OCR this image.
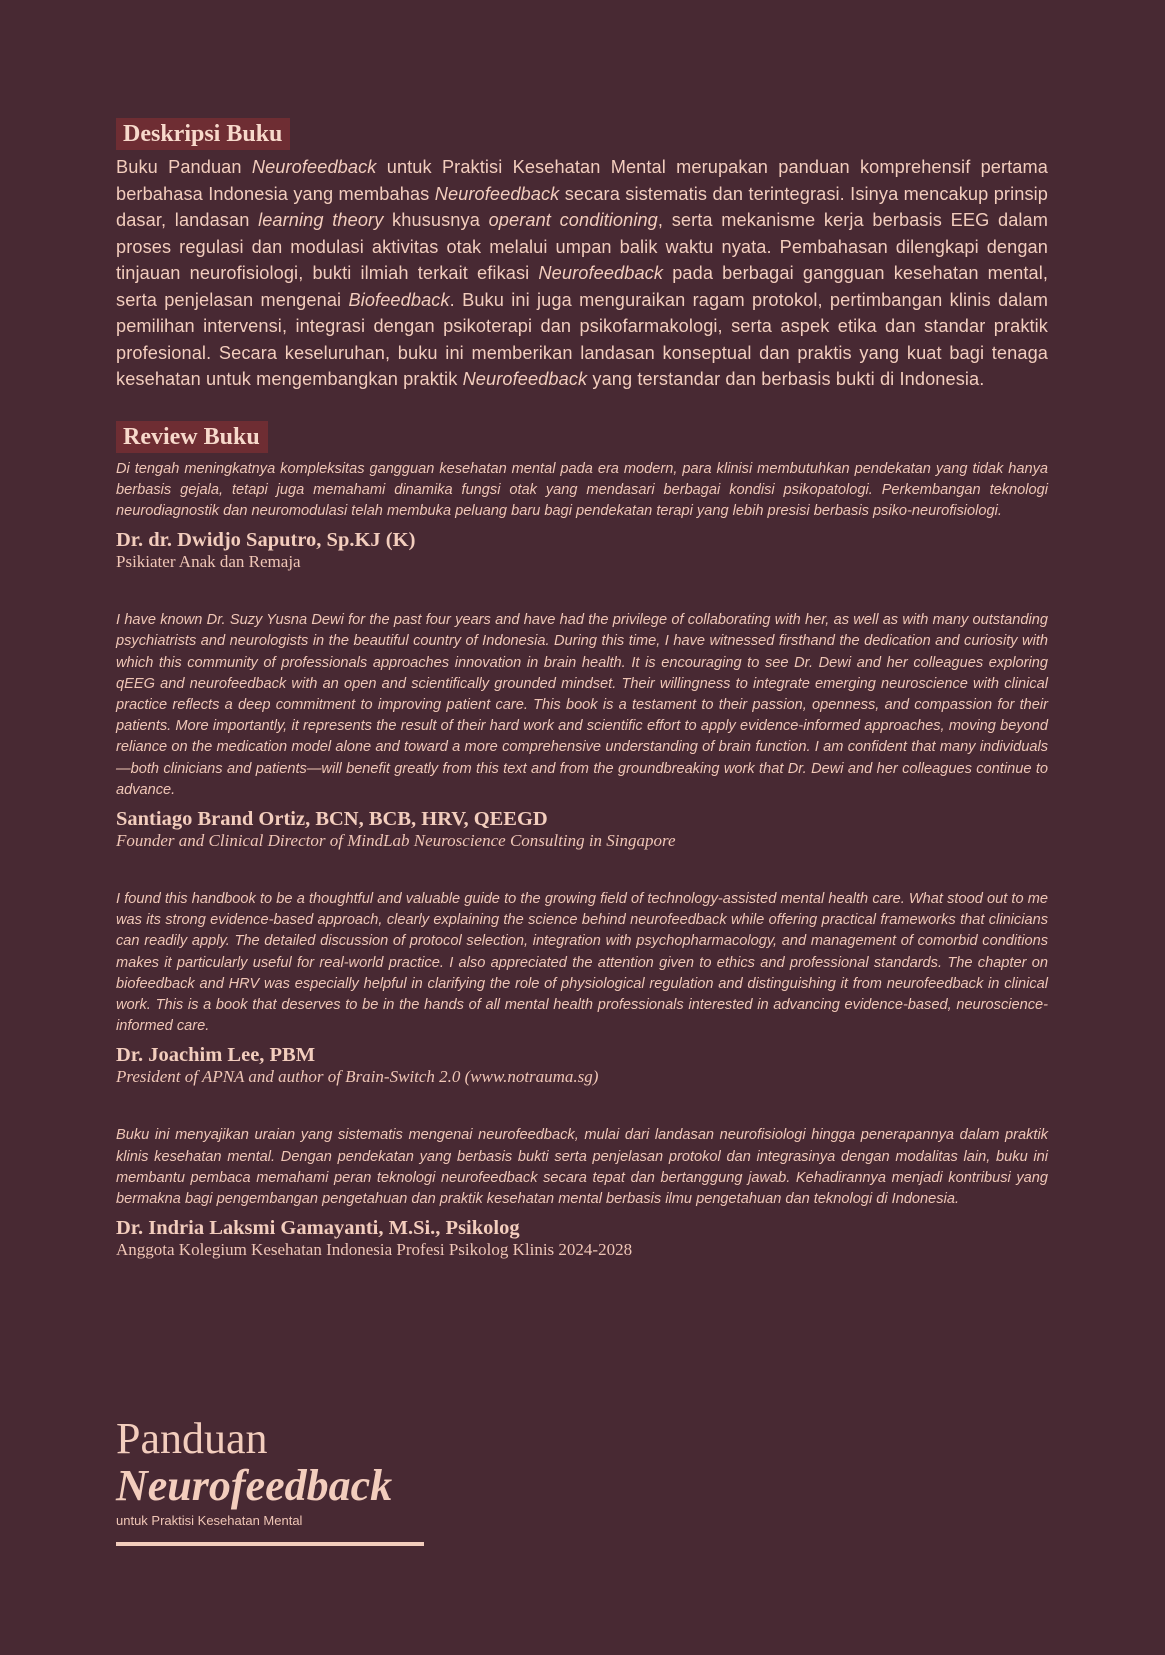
Deskripsi Buku

Buku Panduan Neurofeedback untuk Praktisi Kesehatan Mental merupakan panduan komprehensif pertama berbahasa Indonesia yang membahas Neurofeedback secara sistematis dan terintegrasi. Isinya mencakup prinsip dasar, landasan learning theory khususnya operant conditioning, serta mekanisme kerja berbasis EEG dalam proses regulasi dan modulasi aktivitas otak melalui umpan balik waktu nyata. Pembahasan dilengkapi dengan tinjauan neurofisiologi, bukti ilmiah terkait efikasi Neurofeedback pada berbagai gangguan kesehatan mental, serta penjelasan mengenai Biofeedback. Buku ini juga menguraikan ragam protokol, pertimbangan klinis dalam pemilihan intervensi, integrasi dengan psikoterapi dan psikofarmakologi, serta aspek etika dan standar praktik profesional. Secara keseluruhan, buku ini memberikan landasan konseptual dan praktis yang kuat bagi tenaga kesehatan untuk mengembangkan praktik Neurofeedback yang terstandar dan berbasis bukti di Indonesia.

Review Buku

Di tengah meningkatnya kompleksitas gangguan kesehatan mental pada era modern, para klinisi membutuhkan pendekatan yang tidak hanya berbasis gejala, tetapi juga memahami dinamika fungsi otak yang mendasari berbagai kondisi psikopatologi. Perkembangan teknologi neurodiagnostik dan neuromodulasi telah membuka peluang baru bagi pendekatan terapi yang lebih presisi berbasis psiko-neurofisiologi.

Dr. dr. Dwidjo Saputro, Sp.KJ (K)

Psikiater Anak dan Remaja

I have known Dr. Suzy Yusna Dewi for the past four years and have had the privilege of collaborating with her, as well as with many outstanding psychiatrists and neurologists in the beautiful country of Indonesia. During this time, I have witnessed firsthand the dedication and curiosity with which this community of professionals approaches innovation in brain health. It is encouraging to see Dr. Dewi and her colleagues exploring qEEG and neurofeedback with an open and scientifically grounded mindset. Their willingness to integrate emerging neuroscience with clinical practice reflects a deep commitment to improving patient care. This book is a testament to their passion, openness, and compassion for their patients. More importantly, it represents the result of their hard work and scientific effort to apply evidence-informed approaches, moving beyond reliance on the medication model alone and toward a more comprehensive understanding of brain function. I am confident that many individuals—both clinicians and patients—will benefit greatly from this text and from the groundbreaking work that Dr. Dewi and her colleagues continue to advance.

Santiago Brand Ortiz, BCN, BCB, HRV, QEEGD

Founder and Clinical Director of MindLab Neuroscience Consulting in Singapore

I found this handbook to be a thoughtful and valuable guide to the growing field of technology-assisted mental health care. What stood out to me was its strong evidence-based approach, clearly explaining the science behind neurofeedback while offering practical frameworks that clinicians can readily apply. The detailed discussion of protocol selection, integration with psychopharmacology, and management of comorbid conditions makes it particularly useful for real-world practice. I also appreciated the attention given to ethics and professional standards. The chapter on biofeedback and HRV was especially helpful in clarifying the role of physiological regulation and distinguishing it from neurofeedback in clinical work. This is a book that deserves to be in the hands of all mental health professionals interested in advancing evidence-based, neuroscience-informed care.

Dr. Joachim Lee, PBM

President of APNA and author of Brain-Switch 2.0 (www.notrauma.sg)

Buku ini menyajikan uraian yang sistematis mengenai neurofeedback, mulai dari landasan neurofisiologi hingga penerapannya dalam praktik klinis kesehatan mental. Dengan pendekatan yang berbasis bukti serta penjelasan protokol dan integrasinya dengan modalitas lain, buku ini membantu pembaca memahami peran teknologi neurofeedback secara tepat dan bertanggung jawab. Kehadirannya menjadi kontribusi yang bermakna bagi pengembangan pengetahuan dan praktik kesehatan mental berbasis ilmu pengetahuan dan teknologi di Indonesia.

Dr. Indria Laksmi Gamayanti, M.Si., Psikolog

Anggota Kolegium Kesehatan Indonesia Profesi Psikolog Klinis 2024-2028

Panduan
Neurofeedback
untuk Praktisi Kesehatan Mental
